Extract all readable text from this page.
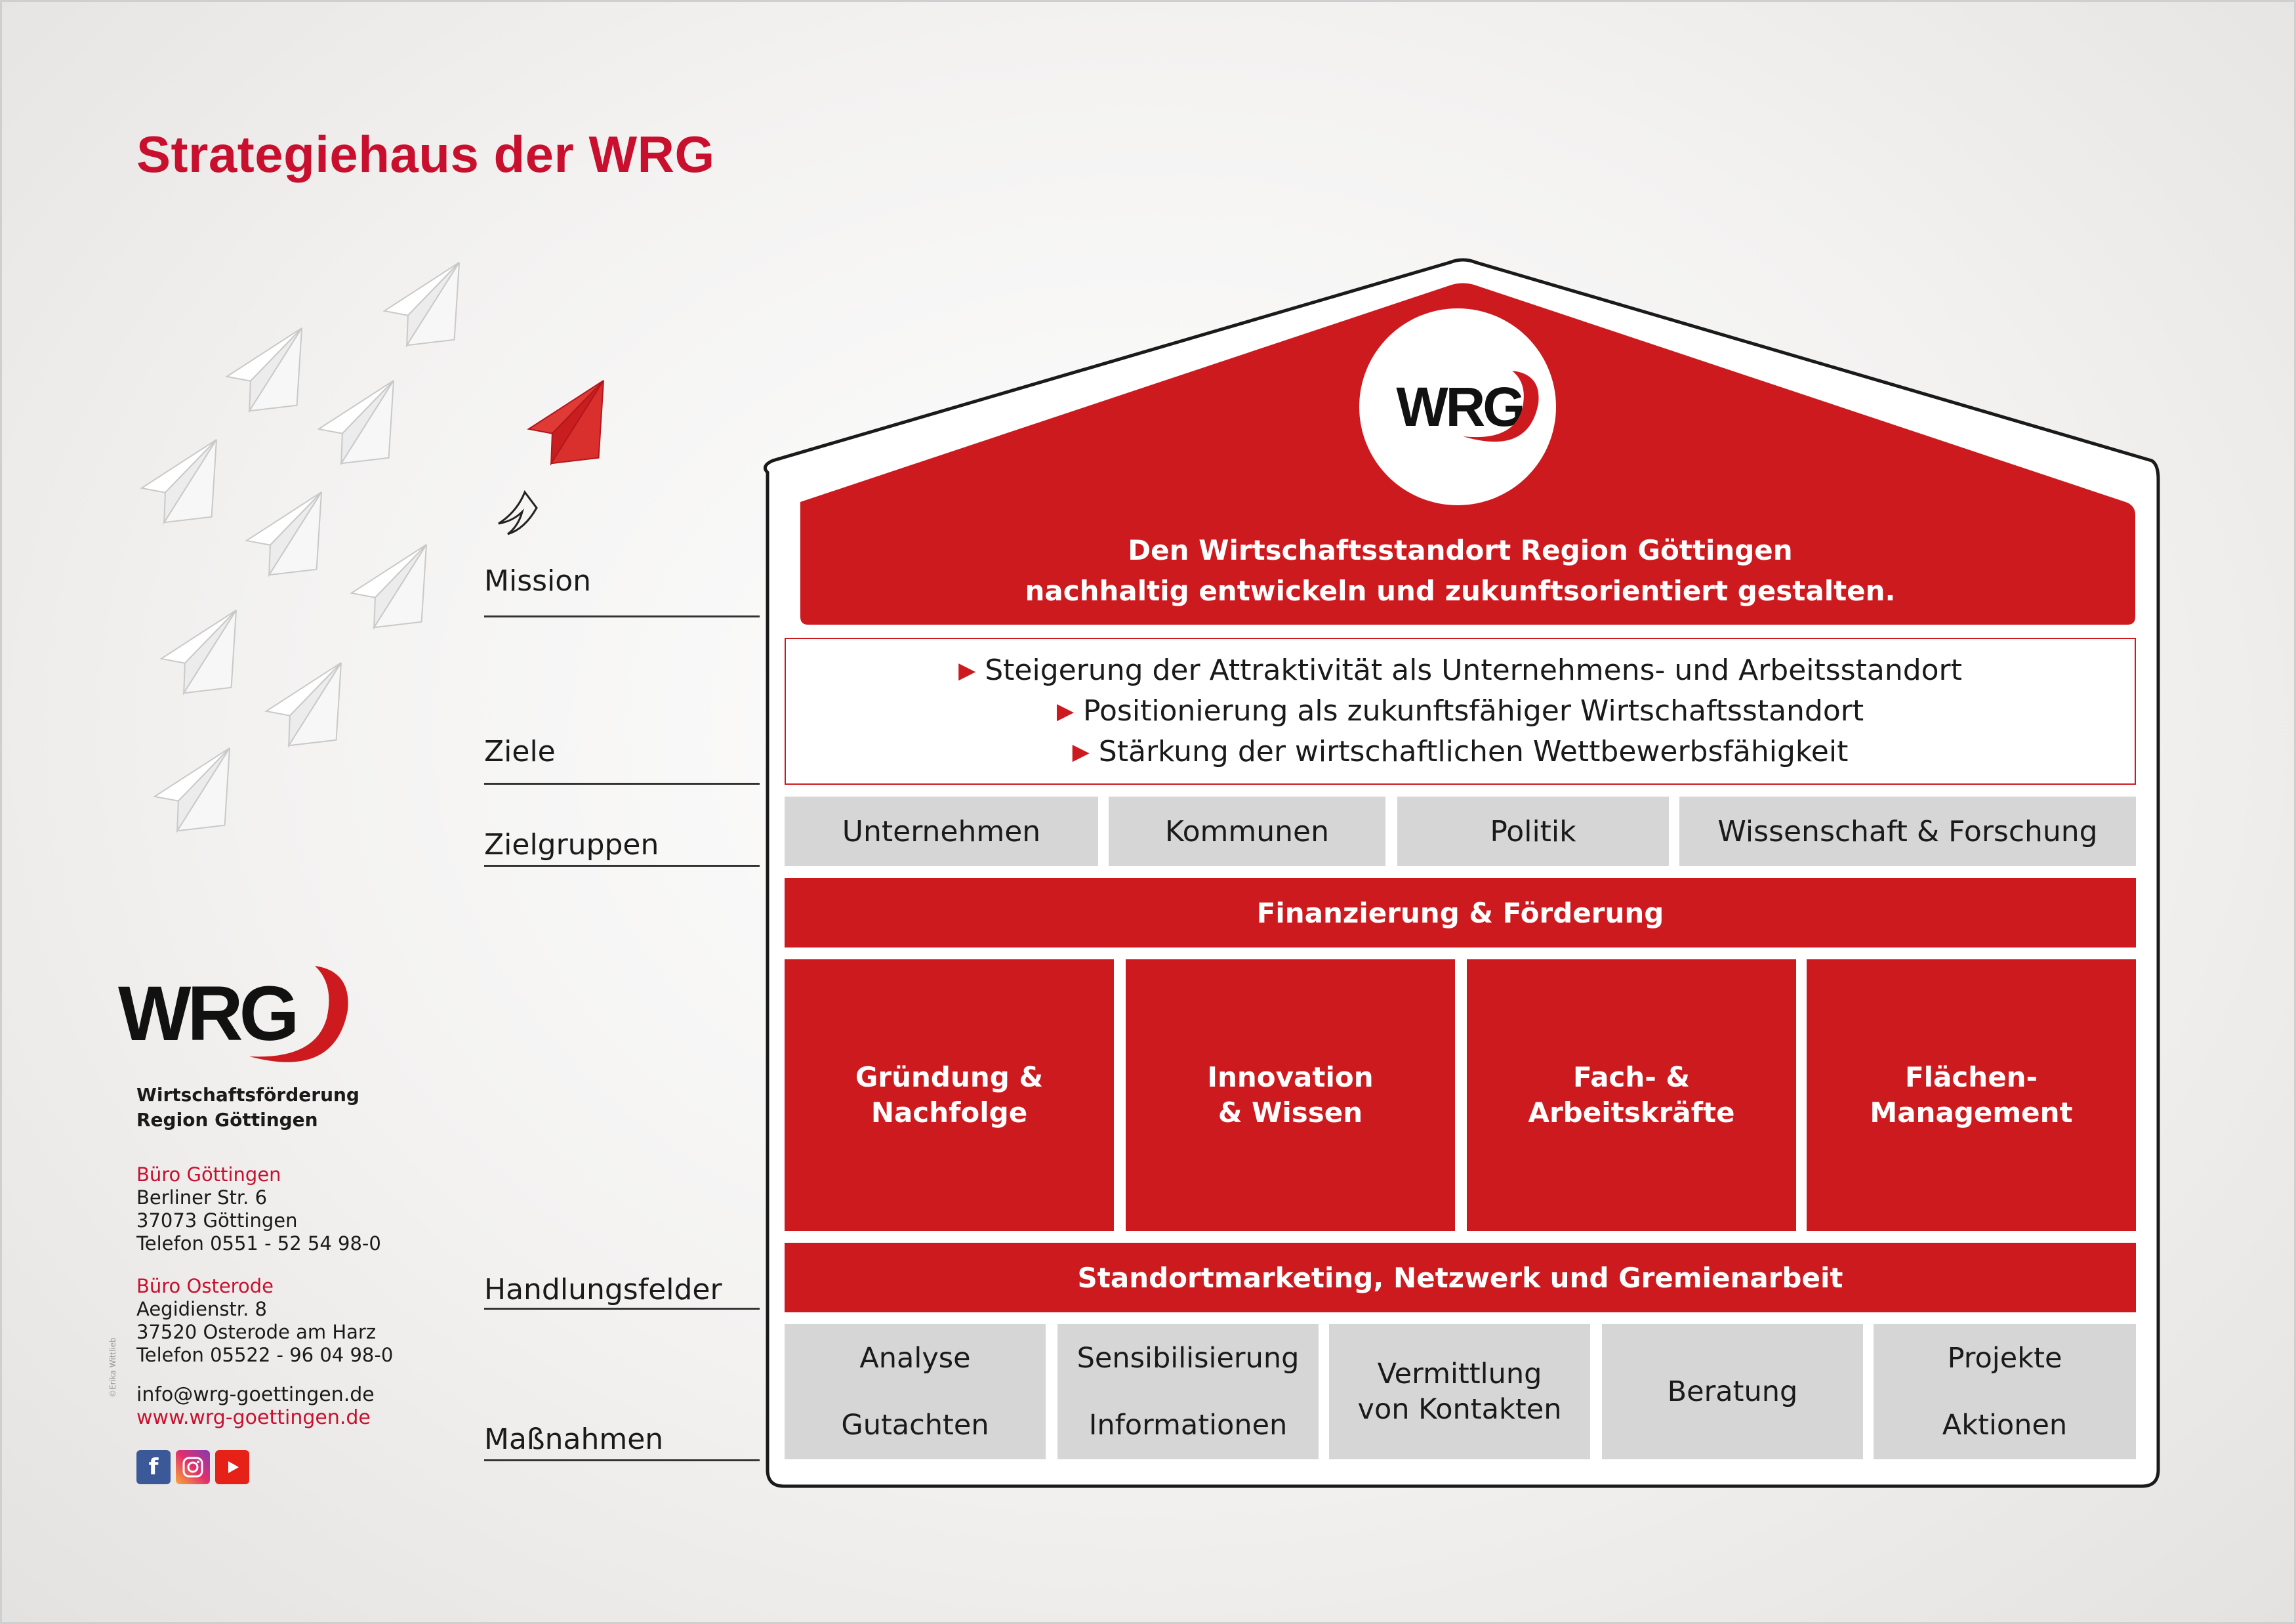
Strategiehaus der WRG
Mission
Ziele
Zielgruppen
Handlungsfelder
Maßnahmen
WRG
Den Wirtschaftsstandort Region Göttingen
nachhaltig entwickeln und zukunftsorientiert gestalten.
▶ Steigerung der Attraktivität als Unternehmens- und Arbeitsstandort
▶ Positionierung als zukunftsfähiger Wirtschaftsstandort
▶ Stärkung der wirtschaftlichen Wettbewerbsfähigkeit
Unternehmen	Kommunen	Politik	Wissenschaft & Forschung
Finanzierung & Förderung
Gründung &
Nachfolge
Innovation
& Wissen
Fach- &
Arbeitskräfte
Flächen-
Management
Standortmarketing, Netzwerk und Gremienarbeit
Analyse
Gutachten
Sensibilisierung
Informationen
Vermittlung
von Kontakten
Beratung
Projekte
Aktionen
WRG
Wirtschaftsförderung
Region Göttingen
Büro Göttingen
Berliner Str. 6
37073 Göttingen
Telefon 0551 - 52 54 98-0
Büro Osterode
Aegidienstr. 8
37520 Osterode am Harz
Telefon 05522 - 96 04 98-0
info@wrg-goettingen.de
www.wrg-goettingen.de
©Erika Wittlieb
f
